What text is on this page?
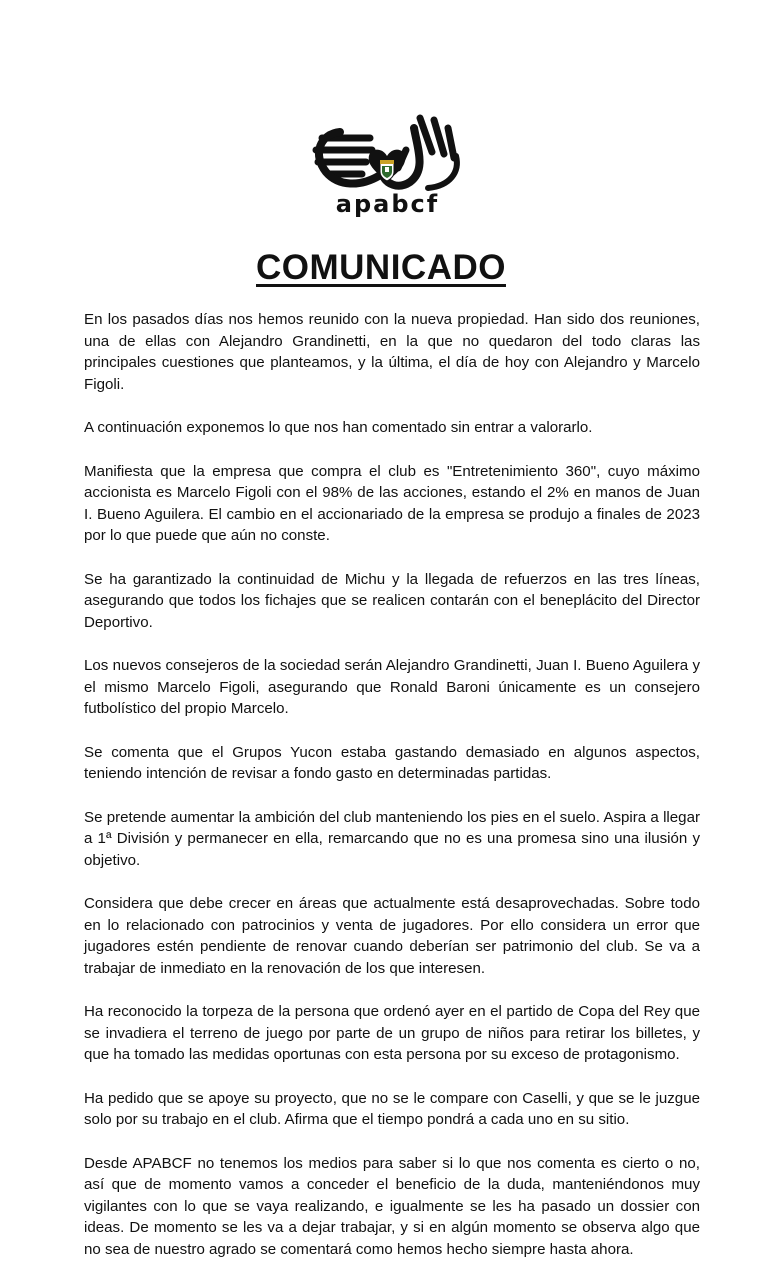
apabcf
COMUNICADO

En los pasados días nos hemos reunido con la nueva propiedad. Han sido dos reuniones, una de ellas con Alejandro Grandinetti, en la que no quedaron del todo claras las principales cuestiones que planteamos, y la última, el día de hoy con Alejandro y Marcelo Figoli.

A continuación exponemos lo que nos han comentado sin entrar a valorarlo.

Manifiesta que la empresa que compra el club es "Entretenimiento 360", cuyo máximo accionista es Marcelo Figoli con el 98% de las acciones, estando el 2% en manos de Juan I. Bueno Aguilera. El cambio en el accionariado de la empresa se produjo a finales de 2023 por lo que puede que aún no conste.

Se ha garantizado la continuidad de Michu y la llegada de refuerzos en las tres líneas, asegurando que todos los fichajes que se realicen contarán con el beneplácito del Director Deportivo.

Los nuevos consejeros de la sociedad serán Alejandro Grandinetti, Juan I. Bueno Aguilera y el mismo Marcelo Figoli, asegurando que Ronald Baroni únicamente es un consejero futbolístico del propio Marcelo.

Se comenta que el Grupos Yucon estaba gastando demasiado en algunos aspectos, teniendo intención de revisar a fondo gasto en determinadas partidas.

Se pretende aumentar la ambición del club manteniendo los pies en el suelo. Aspira a llegar a 1ª División y permanecer en ella, remarcando que no es una promesa sino una ilusión y objetivo.

Considera que debe crecer en áreas que actualmente está desaprovechadas. Sobre todo en lo relacionado con patrocinios y venta de jugadores. Por ello considera un error que jugadores estén pendiente de renovar cuando deberían ser patrimonio del club. Se va a trabajar de inmediato en la renovación de los que interesen.

Ha reconocido la torpeza de la persona que ordenó ayer en el partido de Copa del Rey que se invadiera el terreno de juego por parte de un grupo de niños para retirar los billetes, y que ha tomado las medidas oportunas con esta persona por su exceso de protagonismo.

Ha pedido que se apoye su proyecto, que no se le compare con Caselli, y que se le juzgue solo por su trabajo en el club. Afirma que el tiempo pondrá a cada uno en su sitio.

Desde APABCF no tenemos los medios para saber si lo que nos comenta es cierto o no, así que de momento vamos a conceder el beneficio de la duda, manteniéndonos muy vigilantes con lo que se vaya realizando, e igualmente se les ha pasado un dossier con ideas. De momento se les va a dejar trabajar, y si en algún momento se observa algo que no sea de nuestro agrado se comentará como hemos hecho siempre hasta ahora.
